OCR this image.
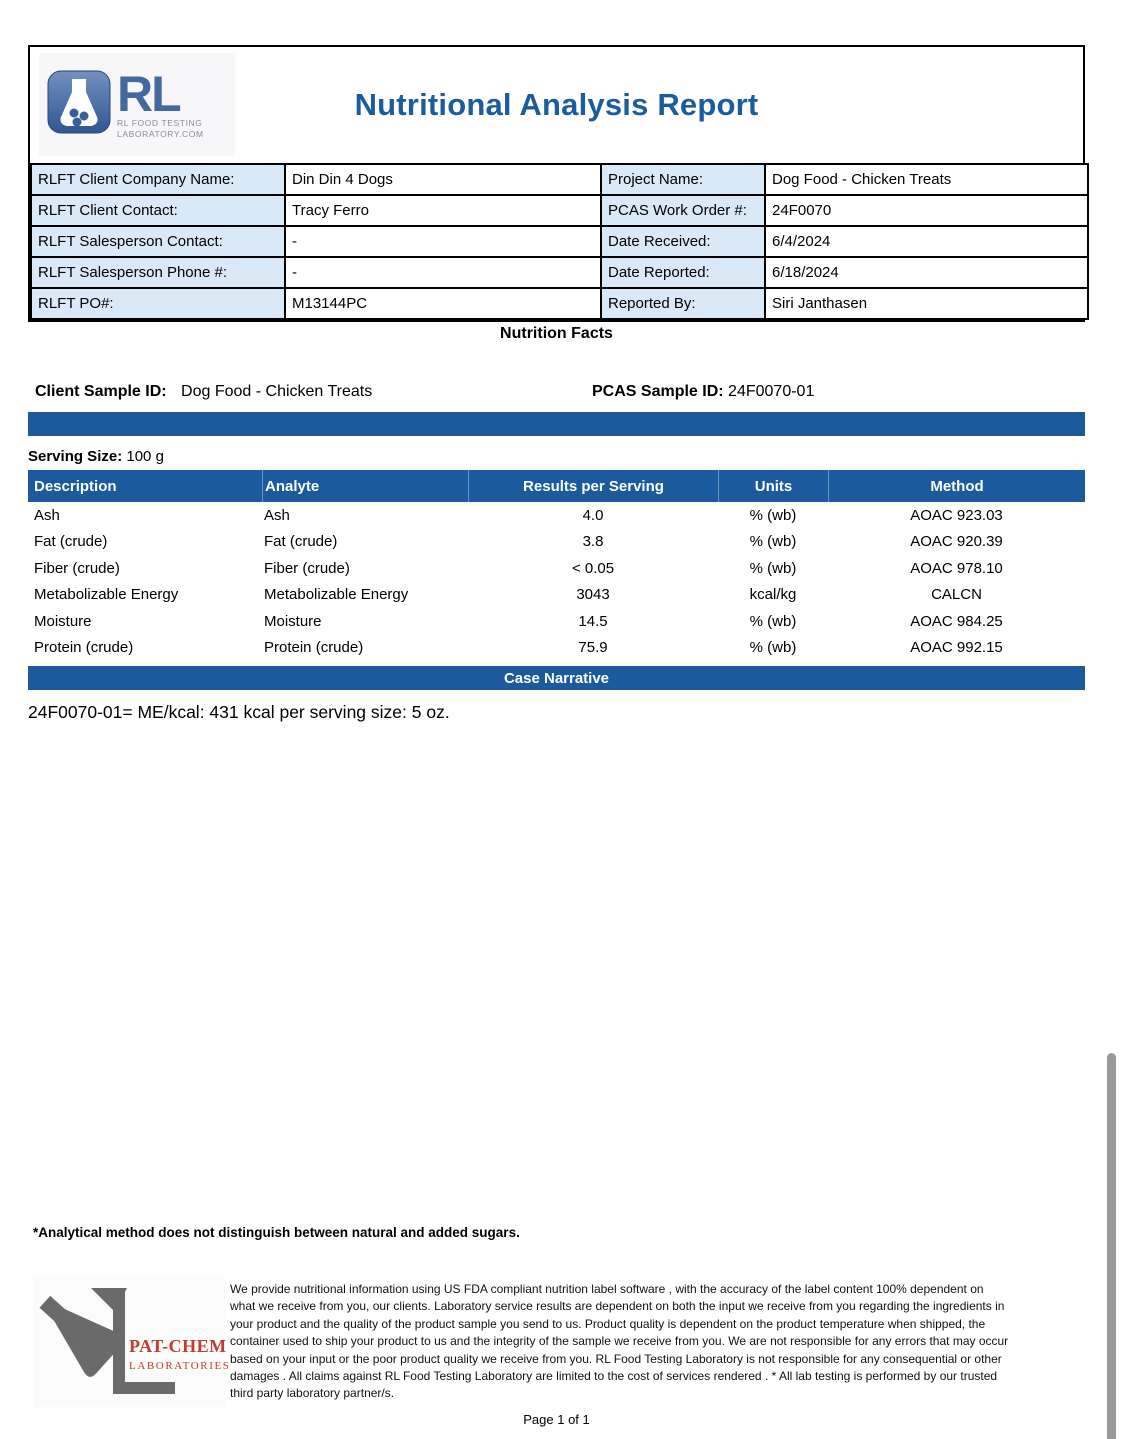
RL
RL FOOD TESTING
LABORATORY.COM
Nutritional Analysis Report
RLFT Client Company Name:	Din Din 4 Dogs	Project Name:	Dog Food - Chicken Treats
RLFT Client Contact:	Tracy Ferro	PCAS Work Order #:	24F0070
RLFT Salesperson Contact:	-	Date Received:	6/4/2024
RLFT Salesperson Phone #:	-	Date Reported:	6/18/2024
RLFT PO#:	M13144PC	Reported By:	Siri Janthasen
Nutrition Facts
Client Sample ID: Dog Food - Chicken Treats	PCAS Sample ID: 24F0070-01
Serving Size: 100 g
Description	Analyte	Results per Serving	Units	Method
Ash	Ash	4.0	% (wb)	AOAC 923.03
Fat (crude)	Fat (crude)	3.8	% (wb)	AOAC 920.39
Fiber (crude)	Fiber (crude)	< 0.05	% (wb)	AOAC 978.10
Metabolizable Energy	Metabolizable Energy	3043	kcal/kg	CALCN
Moisture	Moisture	14.5	% (wb)	AOAC 984.25
Protein (crude)	Protein (crude)	75.9	% (wb)	AOAC 992.15
Case Narrative
24F0070-01= ME/kcal: 431 kcal per serving size: 5 oz.
*Analytical method does not distinguish between natural and added sugars.
PAT-CHEM
LABORATORIES
We provide nutritional information using US FDA compliant nutrition label software , with the accuracy of the label content 100% dependent on what we receive from you, our clients. Laboratory service results are dependent on both the input we receive from you regarding the ingredients in your product and the quality of the product sample you send to us. Product quality is dependent on the product temperature when shipped, the container used to ship your product to us and the integrity of the sample we receive from you. We are not responsible for any errors that may occur based on your input or the poor product quality we receive from you. RL Food Testing Laboratory is not responsible for any consequential or other damages . All claims against RL Food Testing Laboratory are limited to the cost of services rendered . * All lab testing is performed by our trusted third party laboratory partner/s.
Page 1 of 1
